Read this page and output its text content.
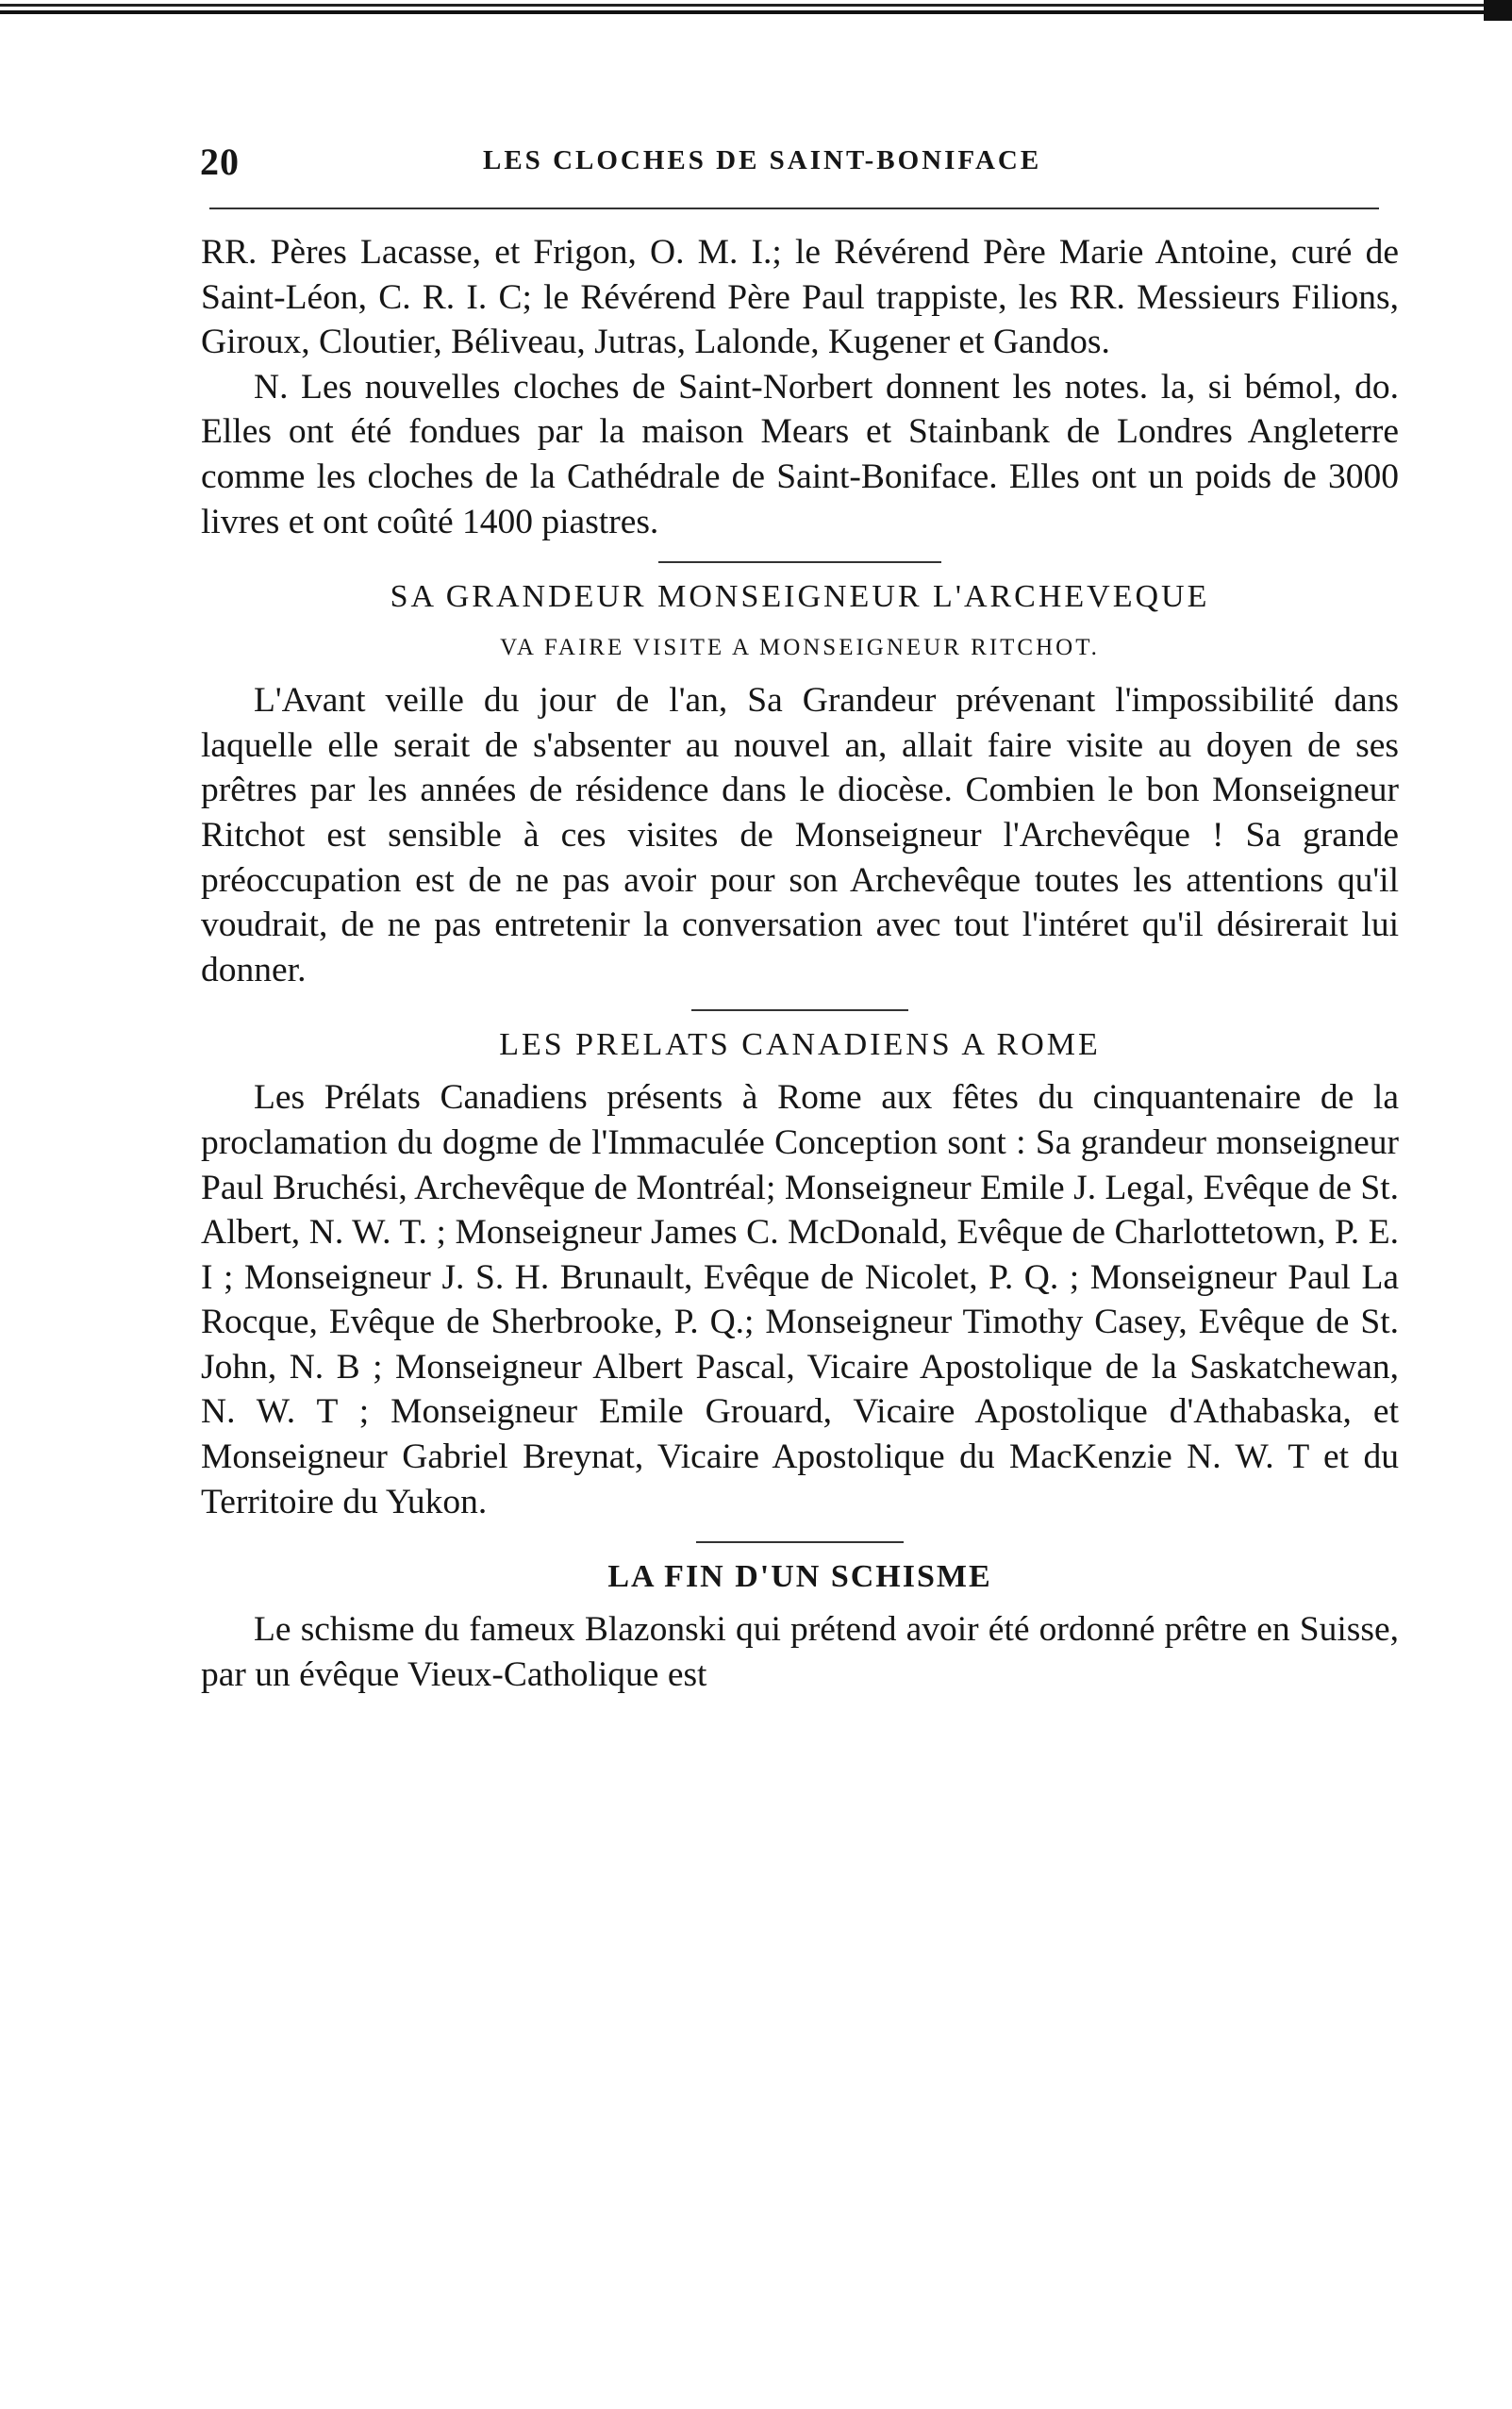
20	LES CLOCHES DE SAINT-BONIFACE

RR. Pères Lacasse, et Frigon, O. M. I.; le Révérend Père Marie Antoine, curé de Saint-Léon, C. R. I. C; le Révérend Père Paul trappiste, les RR. Messieurs Filions, Giroux, Cloutier, Béliveau, Jutras, Lalonde, Kugener et Gandos.

N. Les nouvelles cloches de Saint-Norbert donnent les notes. la, si bémol, do. Elles ont été fondues par la maison Mears et Stainbank de Londres Angleterre comme les cloches de la Cathédrale de Saint-Boniface. Elles ont un poids de 3000 livres et ont coûté 1400 piastres.

SA GRANDEUR MONSEIGNEUR L'ARCHEVEQUE
VA FAIRE VISITE A MONSEIGNEUR RITCHOT.

L'Avant veille du jour de l'an, Sa Grandeur prévenant l'impossibilité dans laquelle elle serait de s'absenter au nouvel an, allait faire visite au doyen de ses prêtres par les années de résidence dans le diocèse. Combien le bon Monseigneur Ritchot est sensible à ces visites de Monseigneur l'Archevêque ! Sa grande préoccupation est de ne pas avoir pour son Archevêque toutes les attentions qu'il voudrait, de ne pas entretenir la conversation avec tout l'intéret qu'il désirerait lui donner.

LES PRELATS CANADIENS A ROME

Les Prélats Canadiens présents à Rome aux fêtes du cinquantenaire de la proclamation du dogme de l'Immaculée Conception sont : Sa grandeur monseigneur Paul Bruchési, Archevêque de Montréal; Monseigneur Emile J. Legal, Evêque de St. Albert, N. W. T. ; Monseigneur James C. McDonald, Evêque de Charlottetown, P. E. I ; Monseigneur J. S. H. Brunault, Evêque de Nicolet, P. Q. ; Monseigneur Paul La Rocque, Evêque de Sherbrooke, P. Q.; Monseigneur Timothy Casey, Evêque de St. John, N. B ; Monseigneur Albert Pascal, Vicaire Apostolique de la Saskatchewan, N. W. T ; Monseigneur Emile Grouard, Vicaire Apostolique d'Athabaska, et Monseigneur Gabriel Breynat, Vicaire Apostolique du MacKenzie N. W. T et du Territoire du Yukon.

LA FIN D'UN SCHISME

Le schisme du fameux Blazonski qui prétend avoir été ordonné prêtre en Suisse, par un évêque Vieux-Catholique est
